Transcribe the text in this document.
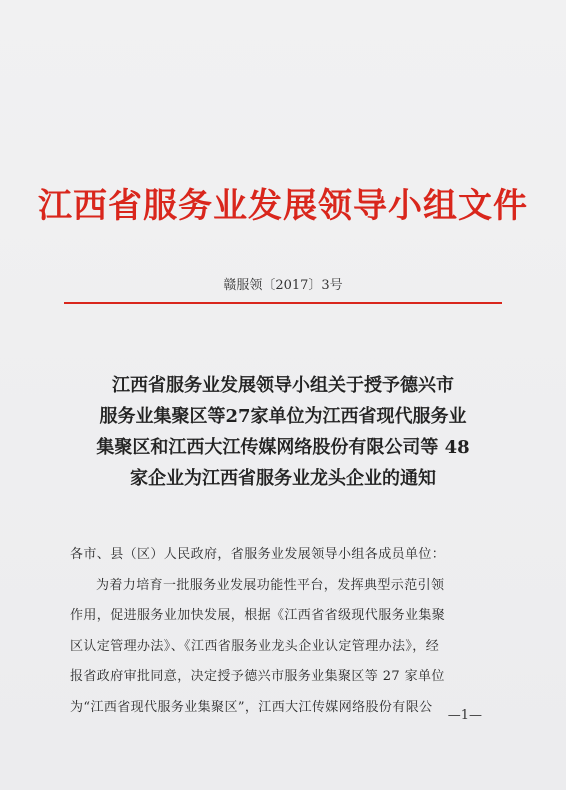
江西省服务业发展领导小组文件
赣服领〔2017〕3号
江西省服务业发展领导小组关于授予德兴市
服务业集聚区等27家单位为江西省现代服务业
集聚区和江西大江传媒网络股份有限公司等 48
家企业为江西省服务业龙头企业的通知
各市、县（区）人民政府，省服务业发展领导小组各成员单位：
为着力培育一批服务业发展功能性平台，发挥典型示范引领
作用，促进服务业加快发展，根据《江西省省级现代服务业集聚
区认定管理办法》、《江西省服务业龙头企业认定管理办法》，经
报省政府审批同意，决定授予德兴市服务业集聚区等 27 家单位
为“江西省现代服务业集聚区”，江西大江传媒网络股份有限公
—1—
